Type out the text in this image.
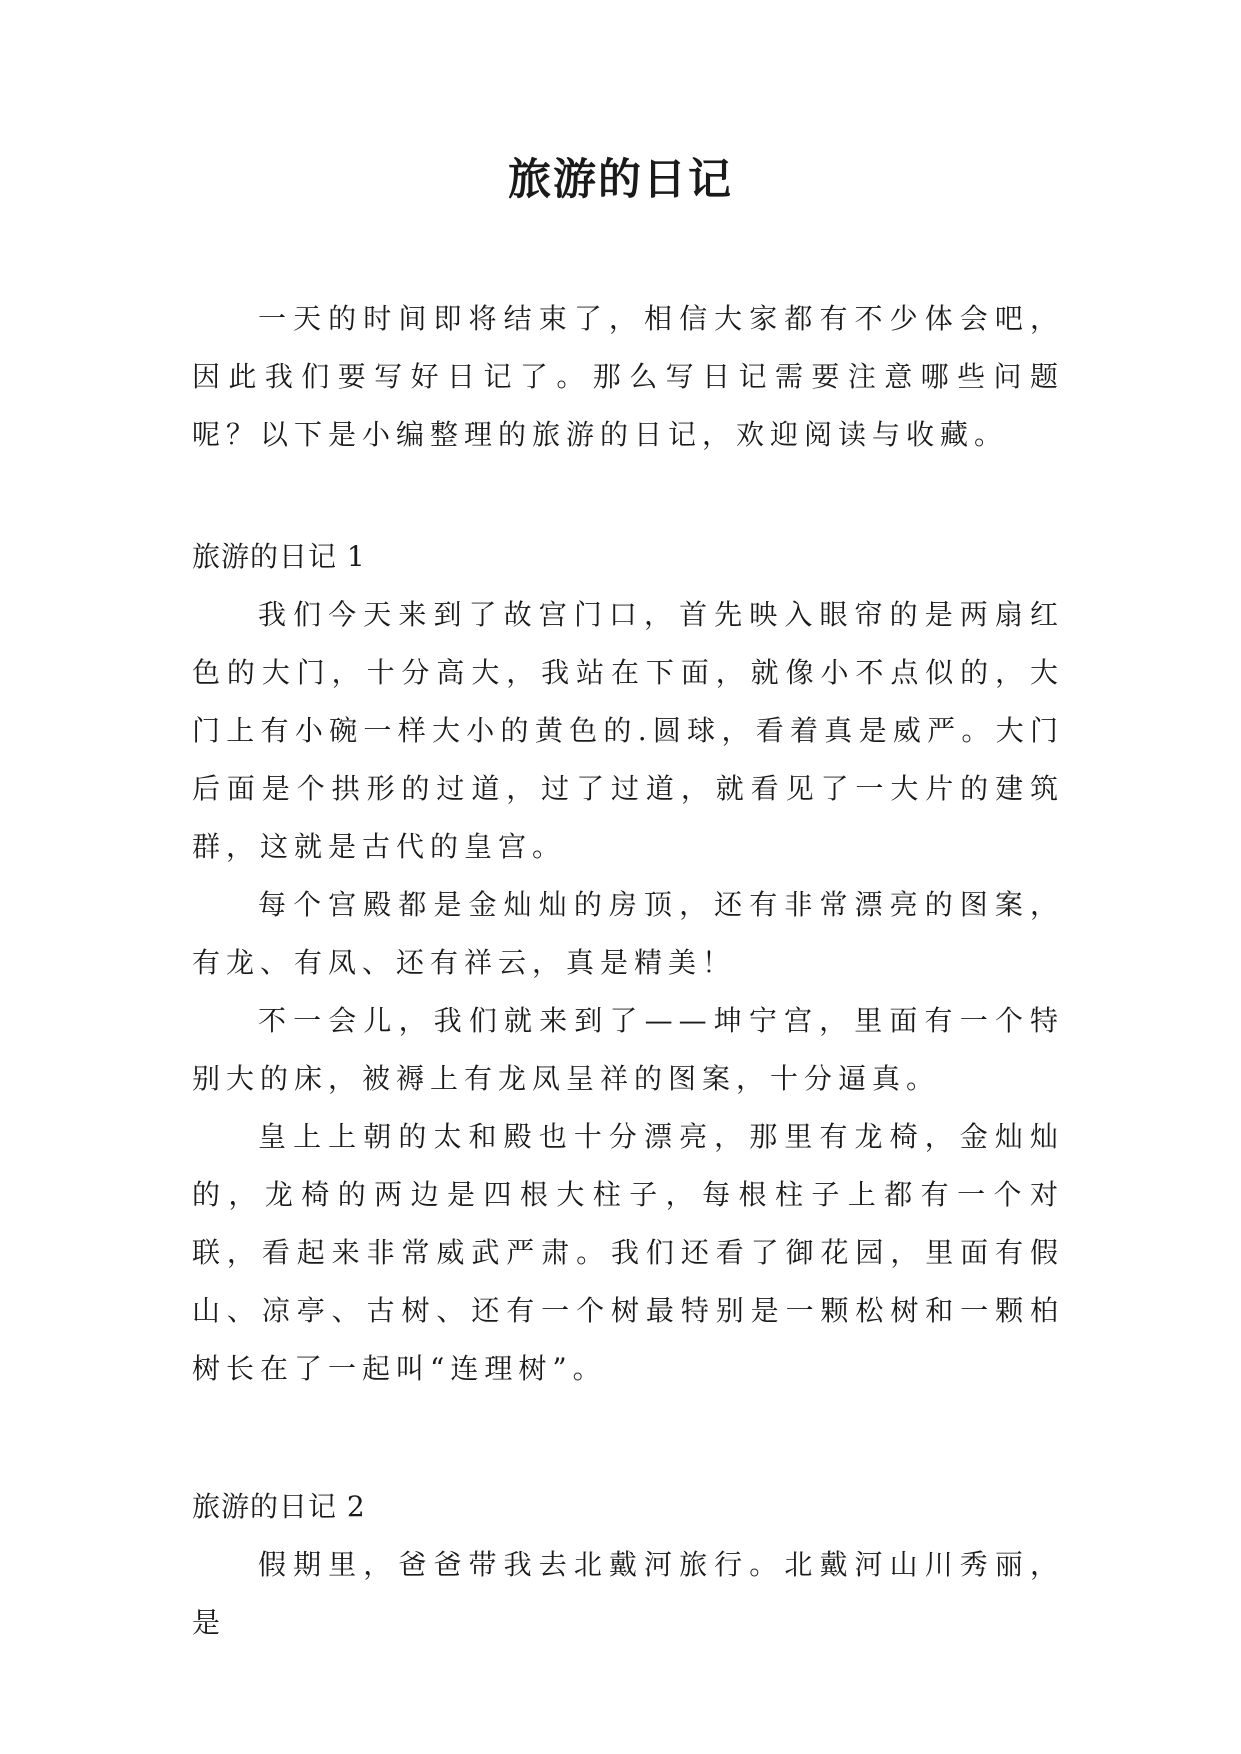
旅游的日记

一天的时间即将结束了，相信大家都有不少体会吧，因此我们要写好日记了。那么写日记需要注意哪些问题呢？以下是小编整理的旅游的日记，欢迎阅读与收藏。

旅游的日记 1

我们今天来到了故宫门口，首先映入眼帘的是两扇红色的大门，十分高大，我站在下面，就像小不点似的，大门上有小碗一样大小的黄色的.圆球，看着真是威严。大门后面是个拱形的过道，过了过道，就看见了一大片的建筑群，这就是古代的皇宫。

每个宫殿都是金灿灿的房顶，还有非常漂亮的图案，有龙、有凤、还有祥云，真是精美！

不一会儿，我们就来到了——坤宁宫，里面有一个特别大的床，被褥上有龙凤呈祥的图案，十分逼真。

皇上上朝的太和殿也十分漂亮，那里有龙椅，金灿灿的，龙椅的两边是四根大柱子，每根柱子上都有一个对联，看起来非常威武严肃。我们还看了御花园，里面有假山、凉亭、古树、还有一个树最特别是一颗松树和一颗柏树长在了一起叫“连理树”。

旅游的日记 2

假期里，爸爸带我去北戴河旅行。北戴河山川秀丽，是
